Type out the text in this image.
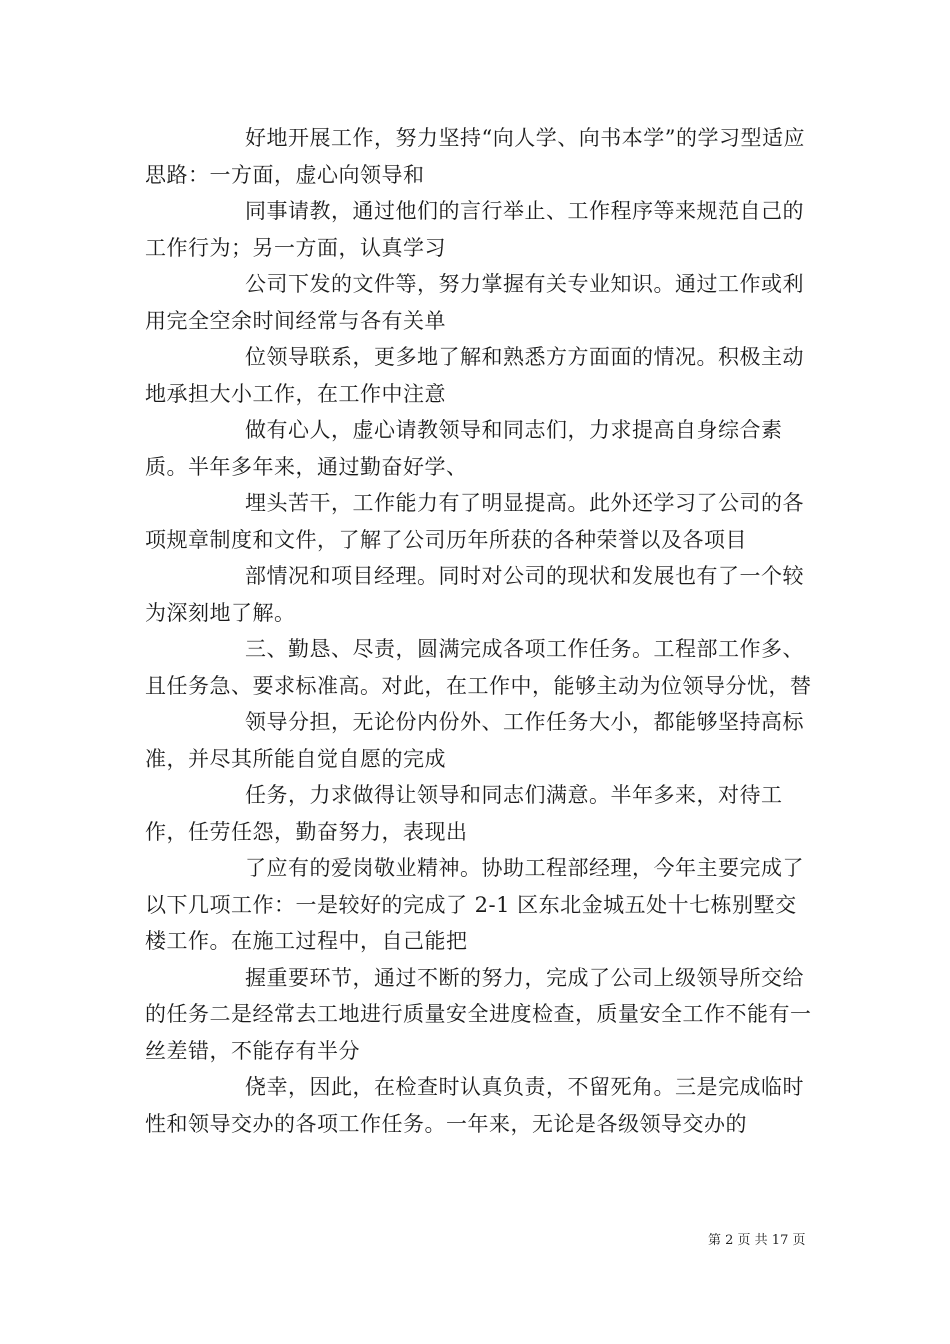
好地开展工作，努力坚持“向人学、向书本学”的学习型适应思路：一方面，虚心向领导和

同事请教，通过他们的言行举止、工作程序等来规范自己的工作行为；另一方面，认真学习

公司下发的文件等，努力掌握有关专业知识。通过工作或利用完全空余时间经常与各有关单

位领导联系，更多地了解和熟悉方方面面的情况。积极主动地承担大小工作，在工作中注意

做有心人，虚心请教领导和同志们，力求提高自身综合素质。半年多年来，通过勤奋好学、

埋头苦干，工作能力有了明显提高。此外还学习了公司的各项规章制度和文件，了解了公司历年所获的各种荣誉以及各项目

部情况和项目经理。同时对公司的现状和发展也有了一个较为深刻地了解。

三、勤恳、尽责，圆满完成各项工作任务。工程部工作多、且任务急、要求标准高。对此，在工作中，能够主动为位领导分忧，替

领导分担，无论份内份外、工作任务大小，都能够坚持高标准，并尽其所能自觉自愿的完成

任务，力求做得让领导和同志们满意。半年多来，对待工作，任劳任怨，勤奋努力，表现出

了应有的爱岗敬业精神。协助工程部经理，今年主要完成了以下几项工作：一是较好的完成了 2-1 区东北金城五处十七栋别墅交楼工作。在施工过程中，自己能把

握重要环节，通过不断的努力，完成了公司上级领导所交给的任务二是经常去工地进行质量安全进度检查，质量安全工作不能有一丝差错，不能存有半分

侥幸，因此，在检查时认真负责，不留死角。三是完成临时性和领导交办的各项工作任务。一年来，无论是各级领导交办的

第 2 页 共 17 页
